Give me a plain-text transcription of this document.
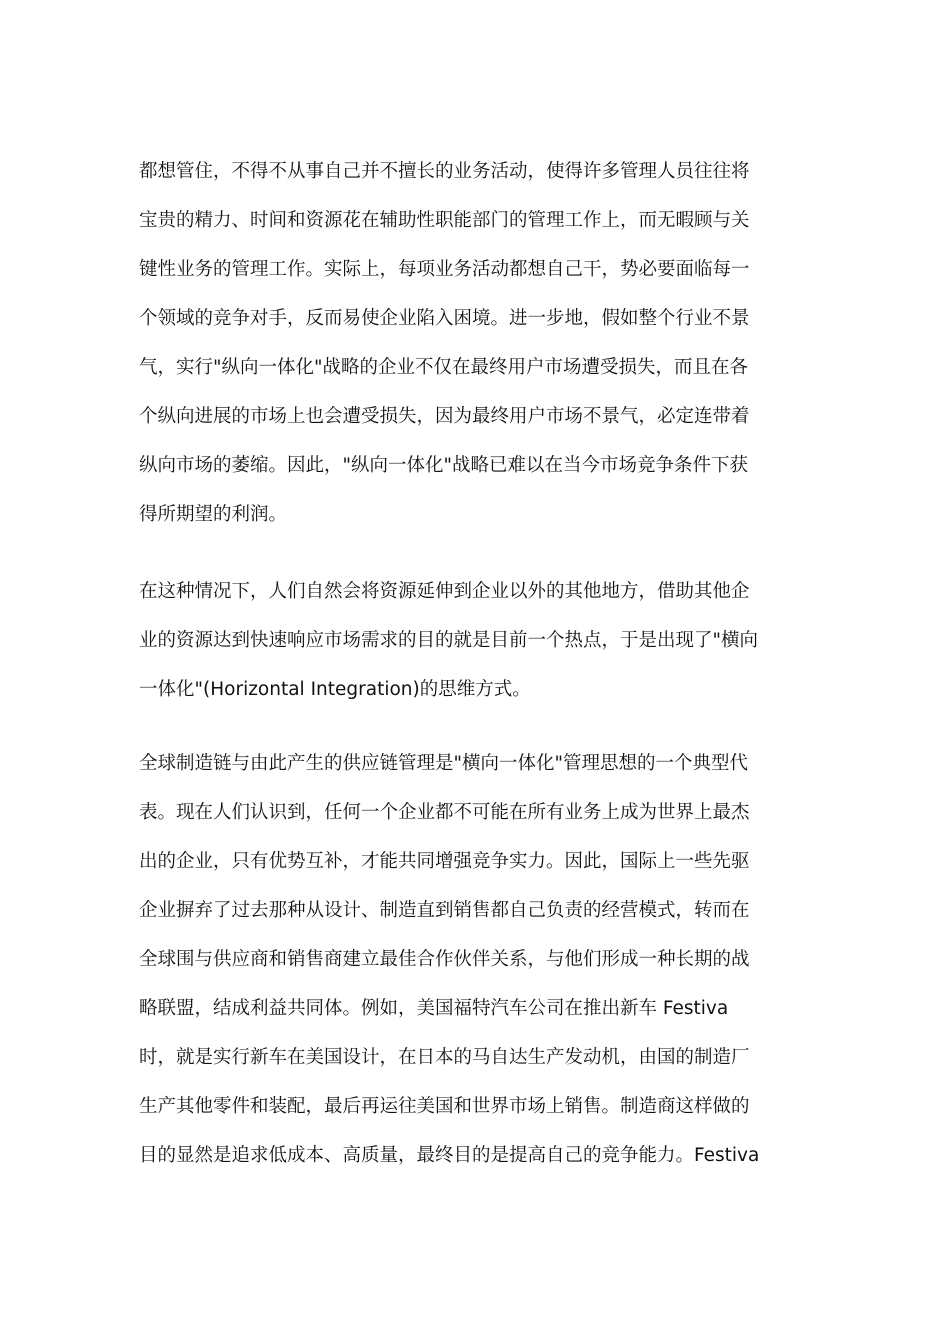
都想管住，不得不从事自己并不擅长的业务活动，使得许多管理人员往往将
宝贵的精力、时间和资源花在辅助性职能部门的管理工作上，而无暇顾与关
键性业务的管理工作。实际上，每项业务活动都想自己干，势必要面临每一
个领域的竞争对手，反而易使企业陷入困境。进一步地，假如整个行业不景
气，实行"纵向一体化"战略的企业不仅在最终用户市场遭受损失，而且在各
个纵向进展的市场上也会遭受损失，因为最终用户市场不景气，必定连带着
纵向市场的萎缩。因此，"纵向一体化"战略已难以在当今市场竞争条件下获
得所期望的利润。
在这种情况下，人们自然会将资源延伸到企业以外的其他地方，借助其他企
业的资源达到快速响应市场需求的目的就是目前一个热点，于是出现了"横向
一体化"(Horizontal Integration)的思维方式。
全球制造链与由此产生的供应链管理是"横向一体化"管理思想的一个典型代
表。现在人们认识到，任何一个企业都不可能在所有业务上成为世界上最杰
出的企业，只有优势互补，才能共同增强竞争实力。因此，国际上一些先驱
企业摒弃了过去那种从设计、制造直到销售都自己负责的经营模式，转而在
全球围与供应商和销售商建立最佳合作伙伴关系，与他们形成一种长期的战
略联盟，结成利益共同体。例如，美国福特汽车公司在推出新车 Festiva
时，就是实行新车在美国设计，在日本的马自达生产发动机，由国的制造厂
生产其他零件和装配，最后再运往美国和世界市场上销售。制造商这样做的
目的显然是追求低成本、高质量，最终目的是提高自己的竞争能力。Festiva
